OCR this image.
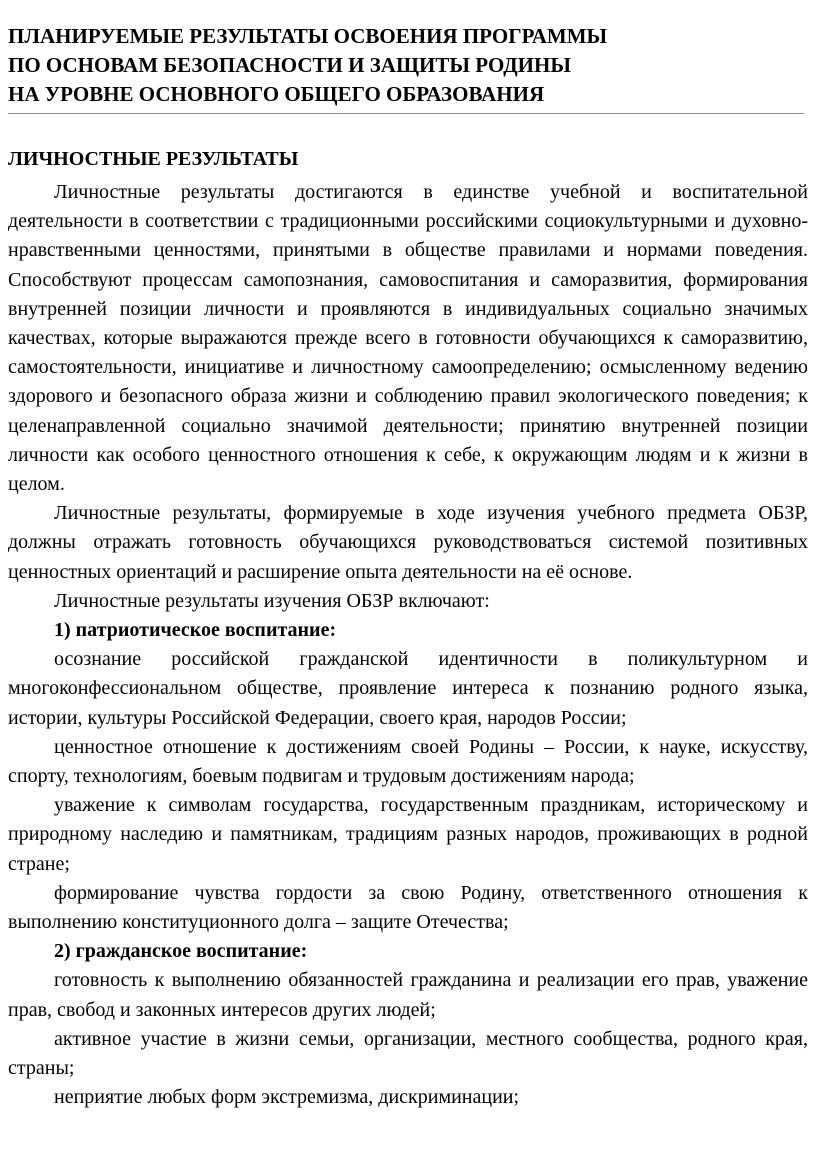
ПЛАНИРУЕМЫЕ РЕЗУЛЬТАТЫ ОСВОЕНИЯ ПРОГРАММЫ
ПО ОСНОВАМ БЕЗОПАСНОСТИ И ЗАЩИТЫ РОДИНЫ
НА УРОВНЕ ОСНОВНОГО ОБЩЕГО ОБРАЗОВАНИЯ
ЛИЧНОСТНЫЕ РЕЗУЛЬТАТЫ

Личностные результаты достигаются в единстве учебной и воспитательной деятельности в соответствии с традиционными российскими социокультурными и духовно-нравственными ценностями, принятыми в обществе правилами и нормами поведения. Способствуют процессам самопознания, самовоспитания и саморазвития, формирования внутренней позиции личности и проявляются в индивидуальных социально значимых качествах, которые выражаются прежде всего в готовности обучающихся к саморазвитию, самостоятельности, инициативе и личностному самоопределению; осмысленному ведению здорового и безопасного образа жизни и соблюдению правил экологического поведения; к целенаправленной социально значимой деятельности; принятию внутренней позиции личности как особого ценностного отношения к себе, к окружающим людям и к жизни в целом.

Личностные результаты, формируемые в ходе изучения учебного предмета ОБЗР, должны отражать готовность обучающихся руководствоваться системой позитивных ценностных ориентаций и расширение опыта деятельности на её основе.

Личностные результаты изучения ОБЗР включают:

1) патриотическое воспитание:

осознание российской гражданской идентичности в поликультурном и многоконфессиональном обществе, проявление интереса к познанию родного языка, истории, культуры Российской Федерации, своего края, народов России;

ценностное отношение к достижениям своей Родины – России, к науке, искусству, спорту, технологиям, боевым подвигам и трудовым достижениям народа;

уважение к символам государства, государственным праздникам, историческому и природному наследию и памятникам, традициям разных народов, проживающих в родной стране;

формирование чувства гордости за свою Родину, ответственного отношения к выполнению конституционного долга – защите Отечества;

2) гражданское воспитание:

готовность к выполнению обязанностей гражданина и реализации его прав, уважение прав, свобод и законных интересов других людей;

активное участие в жизни семьи, организации, местного сообщества, родного края, страны;

неприятие любых форм экстремизма, дискриминации;
